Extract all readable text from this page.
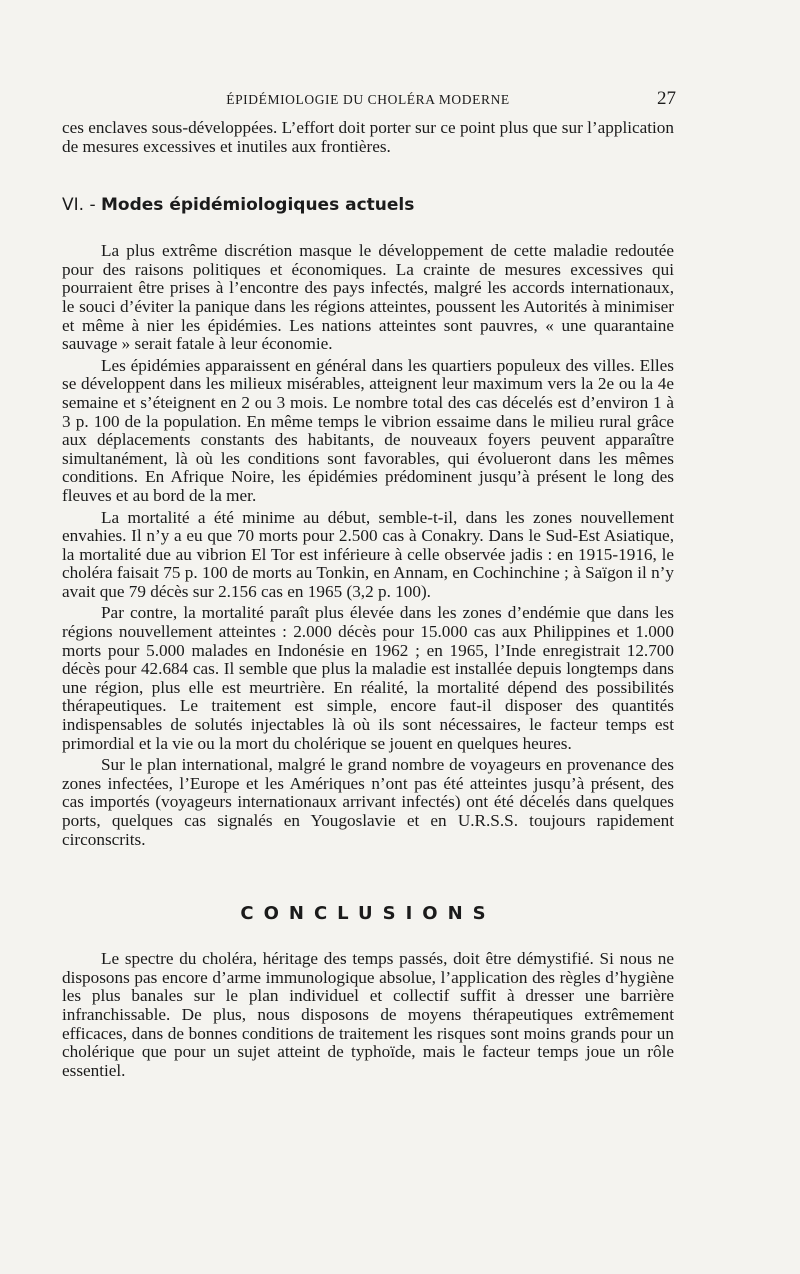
ÉPIDÉMIOLOGIE DU CHOLÉRA MODERNE	27

ces enclaves sous-développées. L’effort doit porter sur ce point plus que sur l’application de mesures excessives et inutiles aux frontières.

VI. - Modes épidémiologiques actuels

La plus extrême discrétion masque le développement de cette maladie redoutée pour des raisons politiques et économiques. La crainte de mesures excessives qui pourraient être prises à l’encontre des pays infectés, malgré les accords internationaux, le souci d’éviter la panique dans les régions atteintes, poussent les Autorités à minimiser et même à nier les épidémies. Les nations atteintes sont pauvres, « une quarantaine sauvage » serait fatale à leur économie.

Les épidémies apparaissent en général dans les quartiers populeux des villes. Elles se développent dans les milieux misérables, atteignent leur maximum vers la 2e ou la 4e semaine et s’éteignent en 2 ou 3 mois. Le nombre total des cas décelés est d’environ 1 à 3 p. 100 de la population. En même temps le vibrion essaime dans le milieu rural grâce aux déplacements constants des habitants, de nouveaux foyers peuvent apparaître simultanément, là où les conditions sont favorables, qui évolueront dans les mêmes conditions. En Afrique Noire, les épidémies prédominent jusqu’à présent le long des fleuves et au bord de la mer.

La mortalité a été minime au début, semble-t-il, dans les zones nouvellement envahies. Il n’y a eu que 70 morts pour 2.500 cas à Conakry. Dans le Sud-Est Asiatique, la mortalité due au vibrion El Tor est inférieure à celle observée jadis : en 1915-1916, le choléra faisait 75 p. 100 de morts au Tonkin, en Annam, en Cochinchine ; à Saïgon il n’y avait que 79 décès sur 2.156 cas en 1965 (3,2 p. 100).

Par contre, la mortalité paraît plus élevée dans les zones d’endémie que dans les régions nouvellement atteintes : 2.000 décès pour 15.000 cas aux Philippines et 1.000 morts pour 5.000 malades en Indonésie en 1962 ; en 1965, l’Inde enregistrait 12.700 décès pour 42.684 cas. Il semble que plus la maladie est installée depuis longtemps dans une région, plus elle est meurtrière. En réalité, la mortalité dépend des possibilités thérapeutiques. Le traitement est simple, encore faut-il disposer des quantités indispensables de solutés injectables là où ils sont nécessaires, le facteur temps est primordial et la vie ou la mort du cholérique se jouent en quelques heures.

Sur le plan international, malgré le grand nombre de voyageurs en provenance des zones infectées, l’Europe et les Amériques n’ont pas été atteintes jusqu’à présent, des cas importés (voyageurs internationaux arrivant infectés) ont été décelés dans quelques ports, quelques cas signalés en Yougoslavie et en U.R.S.S. toujours rapidement circonscrits.

CONCLUSIONS

Le spectre du choléra, héritage des temps passés, doit être démystifié. Si nous ne disposons pas encore d’arme immunologique absolue, l’application des règles d’hygiène les plus banales sur le plan individuel et collectif suffit à dresser une barrière infranchissable. De plus, nous disposons de moyens thérapeutiques extrêmement efficaces, dans de bonnes conditions de traitement les risques sont moins grands pour un cholérique que pour un sujet atteint de typhoïde, mais le facteur temps joue un rôle essentiel.
